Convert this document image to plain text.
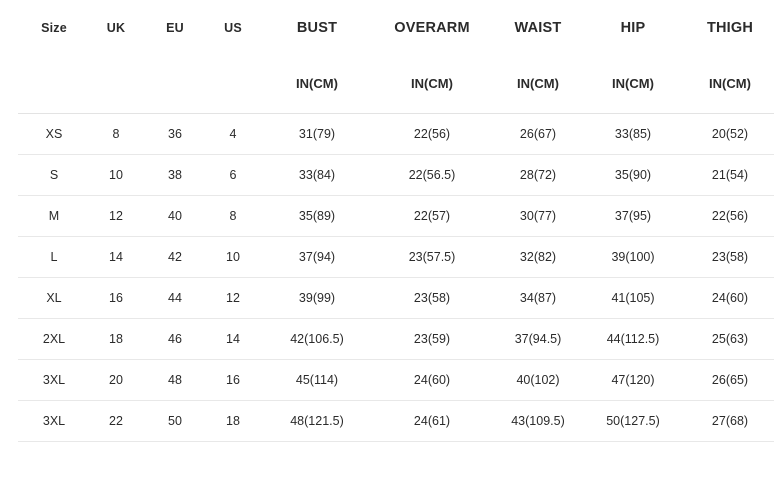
Size	UK	EU	US	BUST	OVERARM	WAIST	HIP	THIGH
				IN(CM)	IN(CM)	IN(CM)	IN(CM)	IN(CM)
XS	8	36	4	31(79)	22(56)	26(67)	33(85)	20(52)
S	10	38	6	33(84)	22(56.5)	28(72)	35(90)	21(54)
M	12	40	8	35(89)	22(57)	30(77)	37(95)	22(56)
L	14	42	10	37(94)	23(57.5)	32(82)	39(100)	23(58)
XL	16	44	12	39(99)	23(58)	34(87)	41(105)	24(60)
2XL	18	46	14	42(106.5)	23(59)	37(94.5)	44(112.5)	25(63)
3XL	20	48	16	45(114)	24(60)	40(102)	47(120)	26(65)
3XL	22	50	18	48(121.5)	24(61)	43(109.5)	50(127.5)	27(68)
